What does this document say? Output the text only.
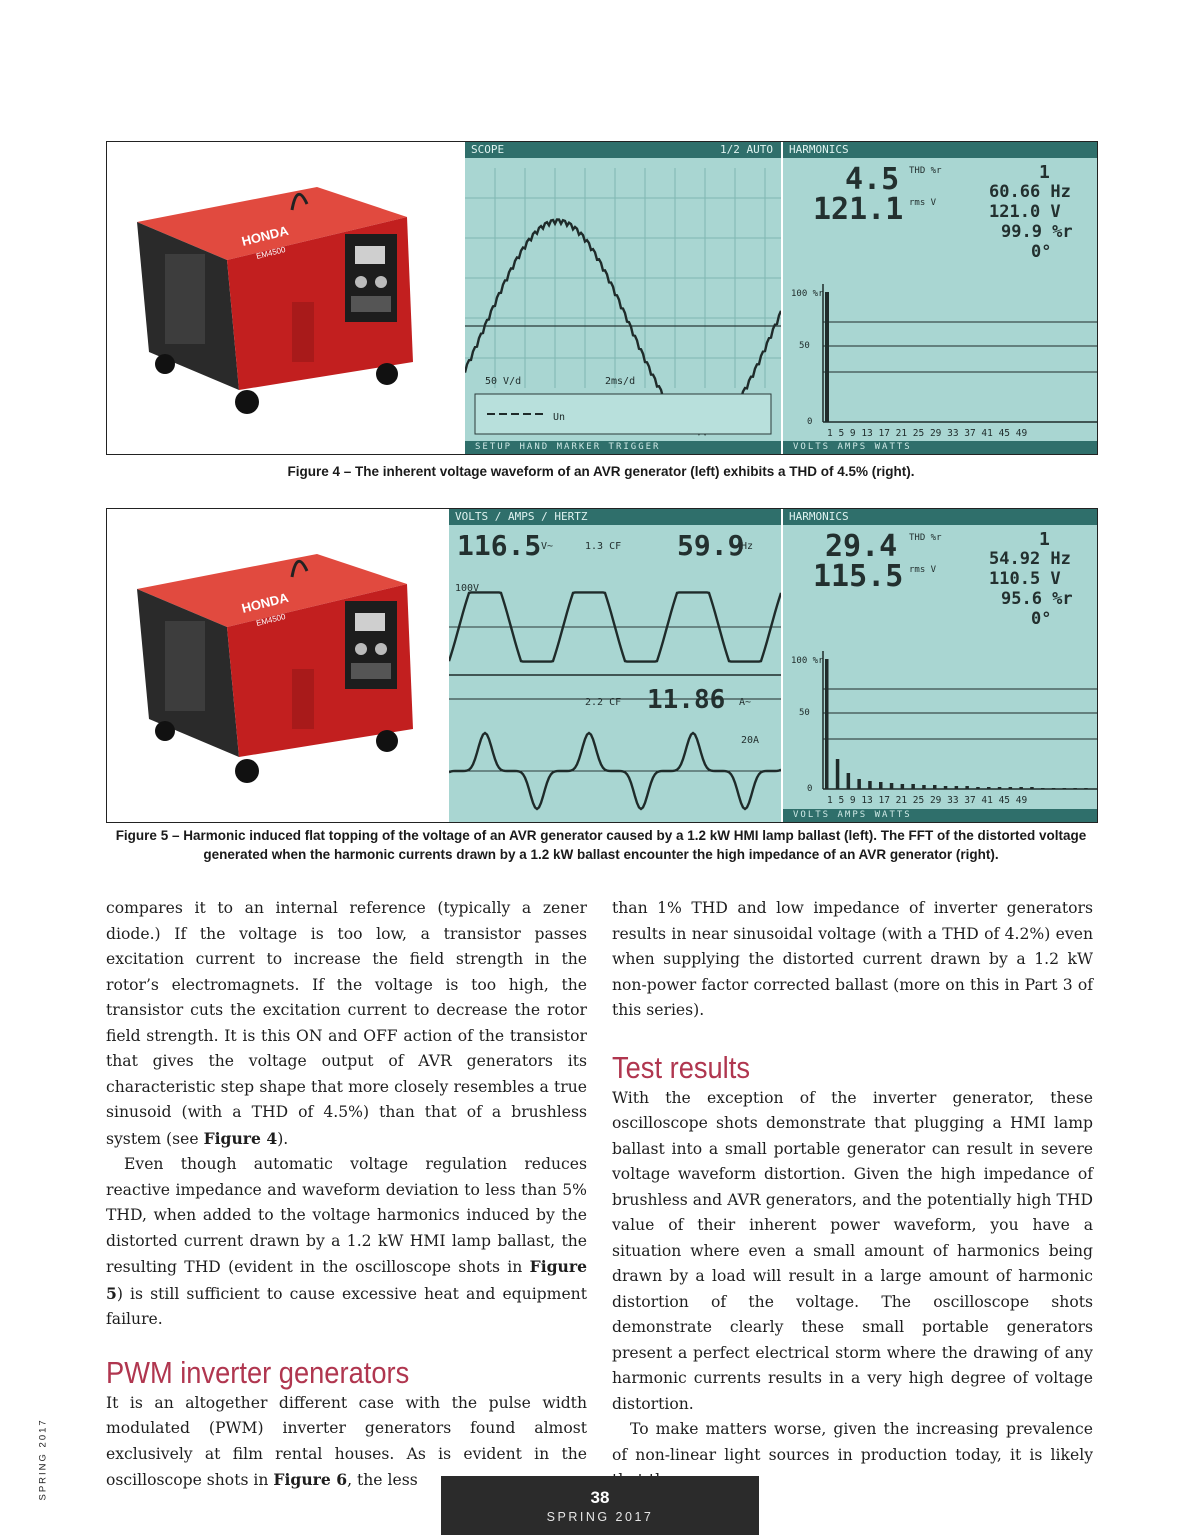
HONDA
EM4500
SCOPE	1/2 AUTO
50 V/d	2ms/d
Un
SETUP HAND MARKER TRIGGER
HARMONICS
4.5 THD %r
121.1 rms V
1
60.66 Hz
121.0 V
99.9 %r
0°
100 %r
50
0
1 5 9 13 17 21 25 29 33 37 41 45 49
VOLTS AMPS WATTS
Figure 4 – The inherent voltage waveform of an AVR generator (left) exhibits a THD of 4.5% (right).
HONDA
EM4500
VOLTS / AMPS / HERTZ
116.5 V~	1.3 CF 59.9
Hz
100V
2.2 CF 11.86 A~
20A
HARMONICS
29.4 THD %r
115.5 rms V
1
54.92 Hz
110.5 V
95.6 %r
0°
100 %r
50
0
1 5 9 13 17 21 25 29 33 37 41 45 49
VOLTS AMPS WATTS
Figure 5 – Harmonic induced flat topping of the voltage of an AVR generator caused by a 1.2 kW HMI lamp ballast (left). The FFT of the distorted voltage generated when the harmonic currents drawn by a 1.2 kW ballast encounter the high impedance of an AVR generator (right).

compares it to an internal reference (typically a zener diode.) If the voltage is too low, a transistor passes excitation current to increase the field strength in the rotor’s electromagnets. If the voltage is too high, the transistor cuts the excitation current to decrease the rotor field strength. It is this ON and OFF action of the transistor that gives the voltage output of AVR generators its characteristic step shape that more closely resembles a true sinusoid (with a THD of 4.5%) than that of a brushless system (see Figure 4).

Even though automatic voltage regulation reduces reactive impedance and waveform deviation to less than 5% THD, when added to the voltage harmonics induced by the distorted current drawn by a 1.2 kW HMI lamp ballast, the resulting THD (evident in the oscilloscope shots in Figure 5) is still sufficient to cause excessive heat and equipment failure.

PWM inverter generators

It is an altogether different case with the pulse width modulated (PWM) inverter generators found almost exclusively at film rental houses. As is evident in the oscilloscope shots in Figure 6, the less

than 1% THD and low impedance of inverter generators results in near sinusoidal voltage (with a THD of 4.2%) even when supplying the distorted current drawn by a 1.2 kW non-power factor corrected ballast (more on this in Part 3 of this series).

Test results

With the exception of the inverter generator, these oscilloscope shots demonstrate that plugging a HMI lamp ballast into a small portable generator can result in severe voltage waveform distortion. Given the high impedance of brushless and AVR generators, and the potentially high THD value of their inherent power waveform, you have a situation where even a small amount of harmonics being drawn by a load will result in a large amount of harmonic distortion of the voltage. The oscilloscope shots demonstrate clearly these small portable generators present a perfect electrical storm where the drawing of any harmonic currents results in a very high degree of voltage distortion.

To make matters worse, given the increasing prevalence of non-linear light sources in production today, it is likely

SPRING 2017	38
SPRING 2017
